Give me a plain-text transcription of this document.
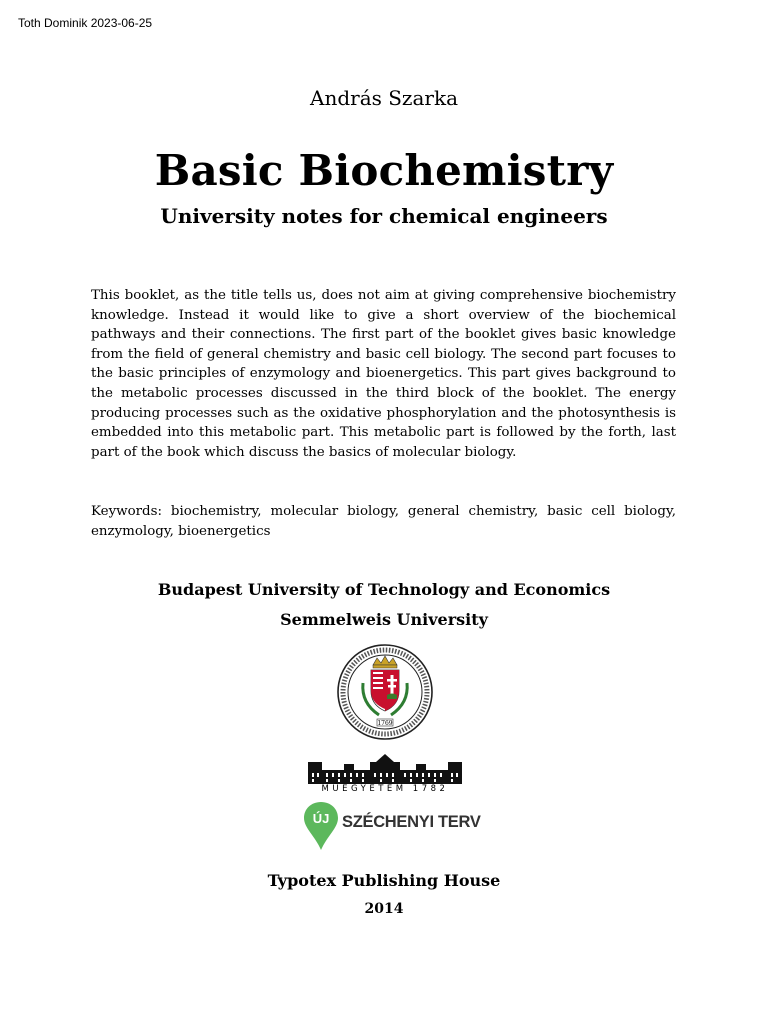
Toth Dominik 2023-06-25
András Szarka
Basic Biochemistry
University notes for chemical engineers
This booklet, as the title tells us, does not aim at giving comprehensive biochemistry knowledge. Instead it would like to give a short overview of the biochemical pathways and their connections. The first part of the booklet gives basic knowledge from the field of general chemistry and basic cell biology. The second part focuses to the basic principles of enzymology and bioenergetics. This part gives background to the metabolic processes discussed in the third block of the booklet. The energy producing processes such as the oxidative phosphorylation and the photosynthesis is embedded into this metabolic part. This metabolic part is followed by the forth, last part of the book which discuss the basics of molecular biology.
Keywords: biochemistry, molecular biology, general chemistry, basic cell biology, enzymology, bioenergetics
Budapest University of Technology and Economics
Semmelweis University
1769
MŰEGYETEM 1782
ÚJ SZÉCHENYI TERV
Typotex Publishing House
2014
